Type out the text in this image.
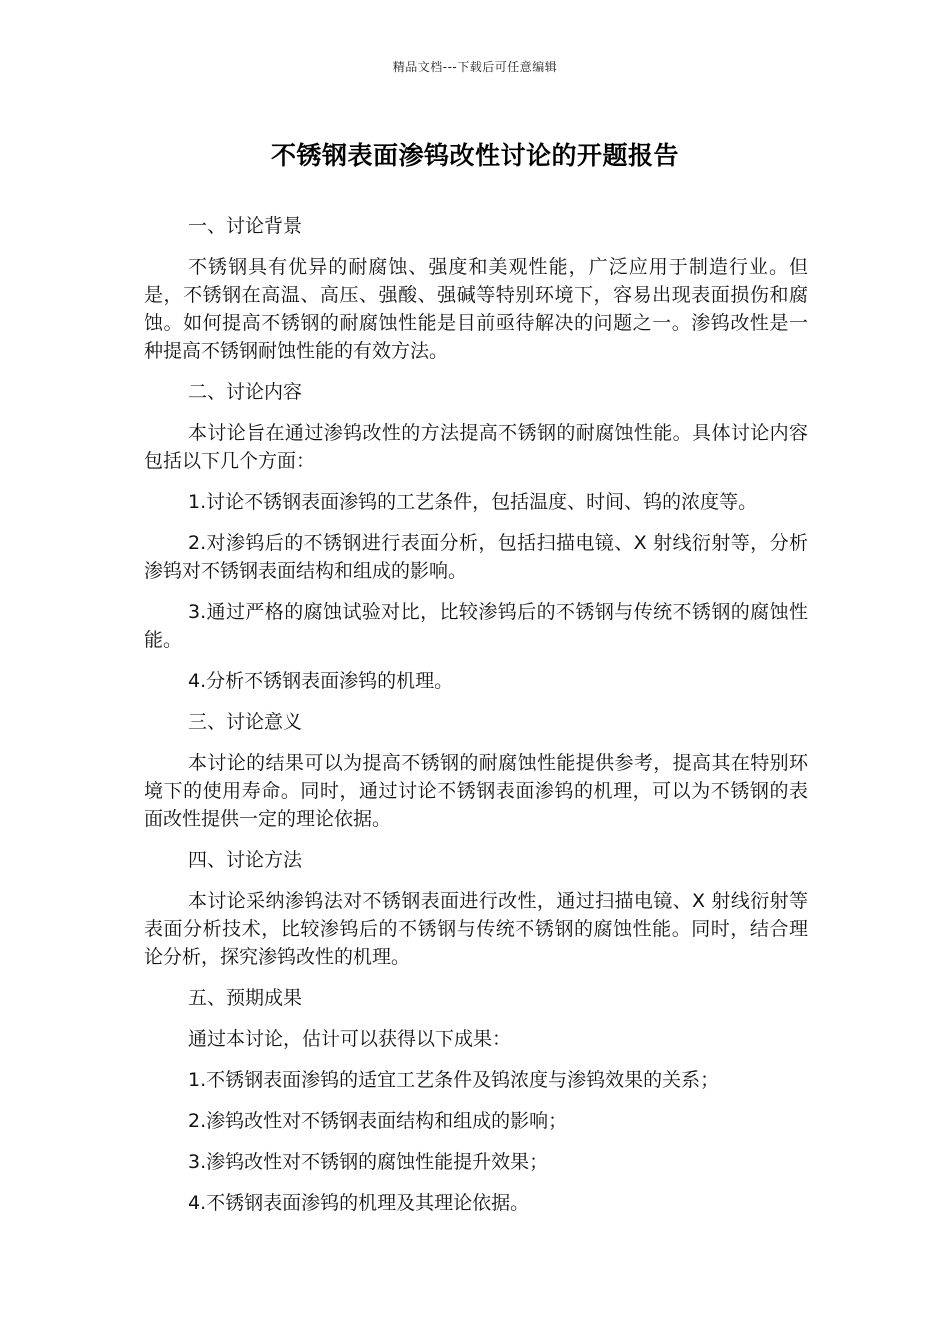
精品文档---下载后可任意编辑
不锈钢表面渗钨改性讨论的开题报告

一、讨论背景

不锈钢具有优异的耐腐蚀、强度和美观性能，广泛应用于制造行业。但是，不锈钢在高温、高压、强酸、强碱等特别环境下，容易出现表面损伤和腐蚀。如何提高不锈钢的耐腐蚀性能是目前亟待解决的问题之一。渗钨改性是一种提高不锈钢耐蚀性能的有效方法。

二、讨论内容

本讨论旨在通过渗钨改性的方法提高不锈钢的耐腐蚀性能。具体讨论内容包括以下几个方面：

1.讨论不锈钢表面渗钨的工艺条件，包括温度、时间、钨的浓度等。

2.对渗钨后的不锈钢进行表面分析，包括扫描电镜、X 射线衍射等，分析渗钨对不锈钢表面结构和组成的影响。

3.通过严格的腐蚀试验对比，比较渗钨后的不锈钢与传统不锈钢的腐蚀性能。

4.分析不锈钢表面渗钨的机理。

三、讨论意义

本讨论的结果可以为提高不锈钢的耐腐蚀性能提供参考，提高其在特别环境下的使用寿命。同时，通过讨论不锈钢表面渗钨的机理，可以为不锈钢的表面改性提供一定的理论依据。

四、讨论方法

本讨论采纳渗钨法对不锈钢表面进行改性，通过扫描电镜、X 射线衍射等表面分析技术，比较渗钨后的不锈钢与传统不锈钢的腐蚀性能。同时，结合理论分析，探究渗钨改性的机理。

五、预期成果

通过本讨论，估计可以获得以下成果：

1.不锈钢表面渗钨的适宜工艺条件及钨浓度与渗钨效果的关系；

2.渗钨改性对不锈钢表面结构和组成的影响；

3.渗钨改性对不锈钢的腐蚀性能提升效果；

4.不锈钢表面渗钨的机理及其理论依据。
